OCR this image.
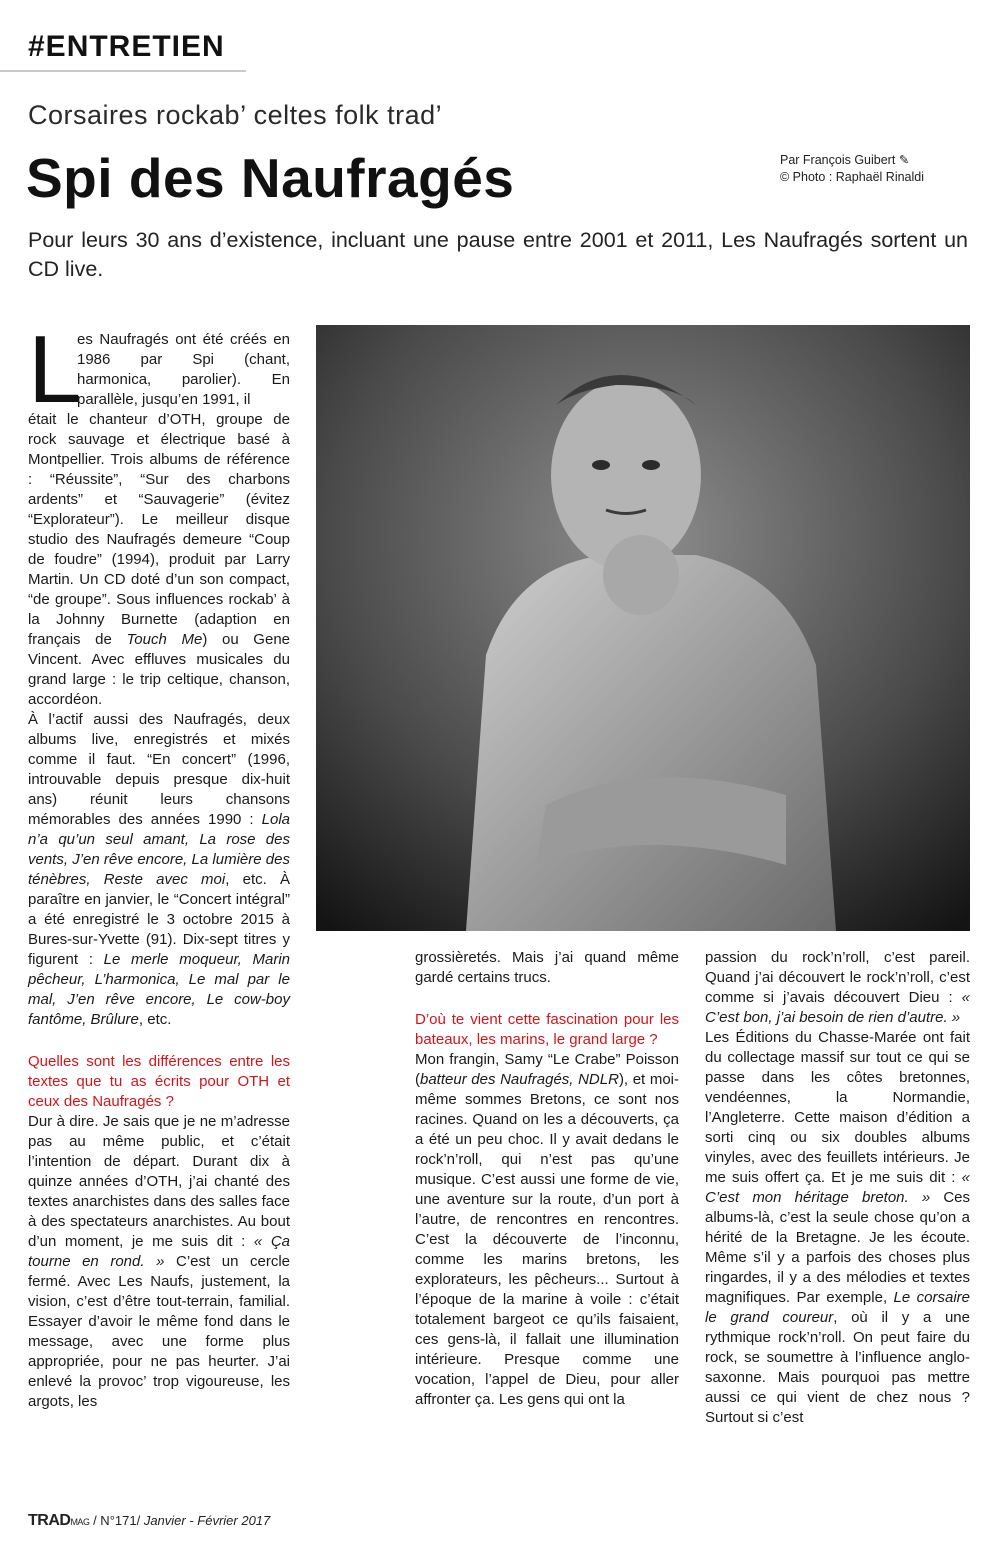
#ENTRETIEN
Corsaires rockab’ celtes folk trad’
Spi des Naufragés	Par François Guibert ✎
© Photo : Raphaël Rinaldi
Pour leurs 30 ans d’existence, incluant une pause entre 2001 et 2011, Les Naufragés sortent un CD live.
L
es Naufragés ont été créés en 1986 par Spi (chant, harmonica, parolier). En parallèle, jusqu’en 1991, il

était le chanteur d’OTH, groupe de rock sauvage et électrique basé à Montpellier. Trois albums de référence : “Réussite”, “Sur des charbons ardents” et “Sauvagerie” (évitez “Explorateur”). Le meilleur disque studio des Naufragés demeure “Coup de foudre” (1994), produit par Larry Martin. Un CD doté d’un son compact, “de groupe”. Sous influences rockab’ à la Johnny Burnette (adaption en français de Touch Me) ou Gene Vincent. Avec effluves musicales du grand large : le trip celtique, chanson, accordéon.

À l’actif aussi des Naufragés, deux albums live, enregistrés et mixés comme il faut. “En concert” (1996, introuvable depuis presque dix-huit ans) réunit leurs chansons mémorables des années 1990 : Lola n’a qu’un seul amant, La rose des vents, J’en rêve encore, La lumière des ténèbres, Reste avec moi, etc. À paraître en janvier, le “Concert intégral” a été enregistré le 3 octobre 2015 à Bures-sur-Yvette (91). Dix-sept titres y figurent : Le merle moqueur, Marin pêcheur, L’harmonica, Le mal par le mal, J’en rêve encore, Le cow-boy fantôme, Brûlure, etc.

Quelles sont les différences entre les textes que tu as écrits pour OTH et ceux des Naufragés ?

Dur à dire. Je sais que je ne m’adresse pas au même public, et c’était l’intention de départ. Durant dix à quinze années d’OTH, j’ai chanté des textes anarchistes dans des salles face à des spectateurs anarchistes. Au bout d’un moment, je me suis dit : « Ça tourne en rond. » C’est un cercle fermé. Avec Les Naufs, justement, la vision, c’est d’être tout-terrain, familial. Essayer d’avoir le même fond dans le message, avec une forme plus appropriée, pour ne pas heurter. J’ai enlevé la provoc’ trop vigoureuse, les argots, les

grossièretés. Mais j’ai quand même gardé certains trucs.

D’où te vient cette fascination pour les bateaux, les marins, le grand large ?

Mon frangin, Samy “Le Crabe” Poisson (batteur des Naufragés, NDLR), et moi-même sommes Bretons, ce sont nos racines. Quand on les a découverts, ça a été un peu choc. Il y avait dedans le rock’n’roll, qui n’est pas qu’une musique. C’est aussi une forme de vie, une aventure sur la route, d’un port à l’autre, de rencontres en rencontres. C’est la découverte de l’inconnu, comme les marins bretons, les explorateurs, les pêcheurs... Surtout à l’époque de la marine à voile : c’était totalement bargeot ce qu’ils faisaient, ces gens-là, il fallait une illumination intérieure. Presque comme une vocation, l’appel de Dieu, pour aller affronter ça. Les gens qui ont la

passion du rock’n’roll, c’est pareil. Quand j’ai découvert le rock’n’roll, c’est comme si j’avais découvert Dieu : « C’est bon, j’ai besoin de rien d’autre. »

Les Éditions du Chasse-Marée ont fait du collectage massif sur tout ce qui se passe dans les côtes bretonnes, vendéennes, la Normandie, l’Angleterre. Cette maison d’édition a sorti cinq ou six doubles albums vinyles, avec des feuillets intérieurs. Je me suis offert ça. Et je me suis dit : « C’est mon héritage breton. » Ces albums-là, c’est la seule chose qu’on a hérité de la Bretagne. Je les écoute. Même s’il y a parfois des choses plus ringardes, il y a des mélodies et textes magnifiques. Par exemple, Le corsaire le grand coureur, où il y a une rythmique rock’n’roll. On peut faire du rock, se soumettre à l’influence anglo-saxonne. Mais pourquoi pas mettre aussi ce qui vient de chez nous ? Surtout si c’est

TRADMAG / N°171/ Janvier - Février 2017
